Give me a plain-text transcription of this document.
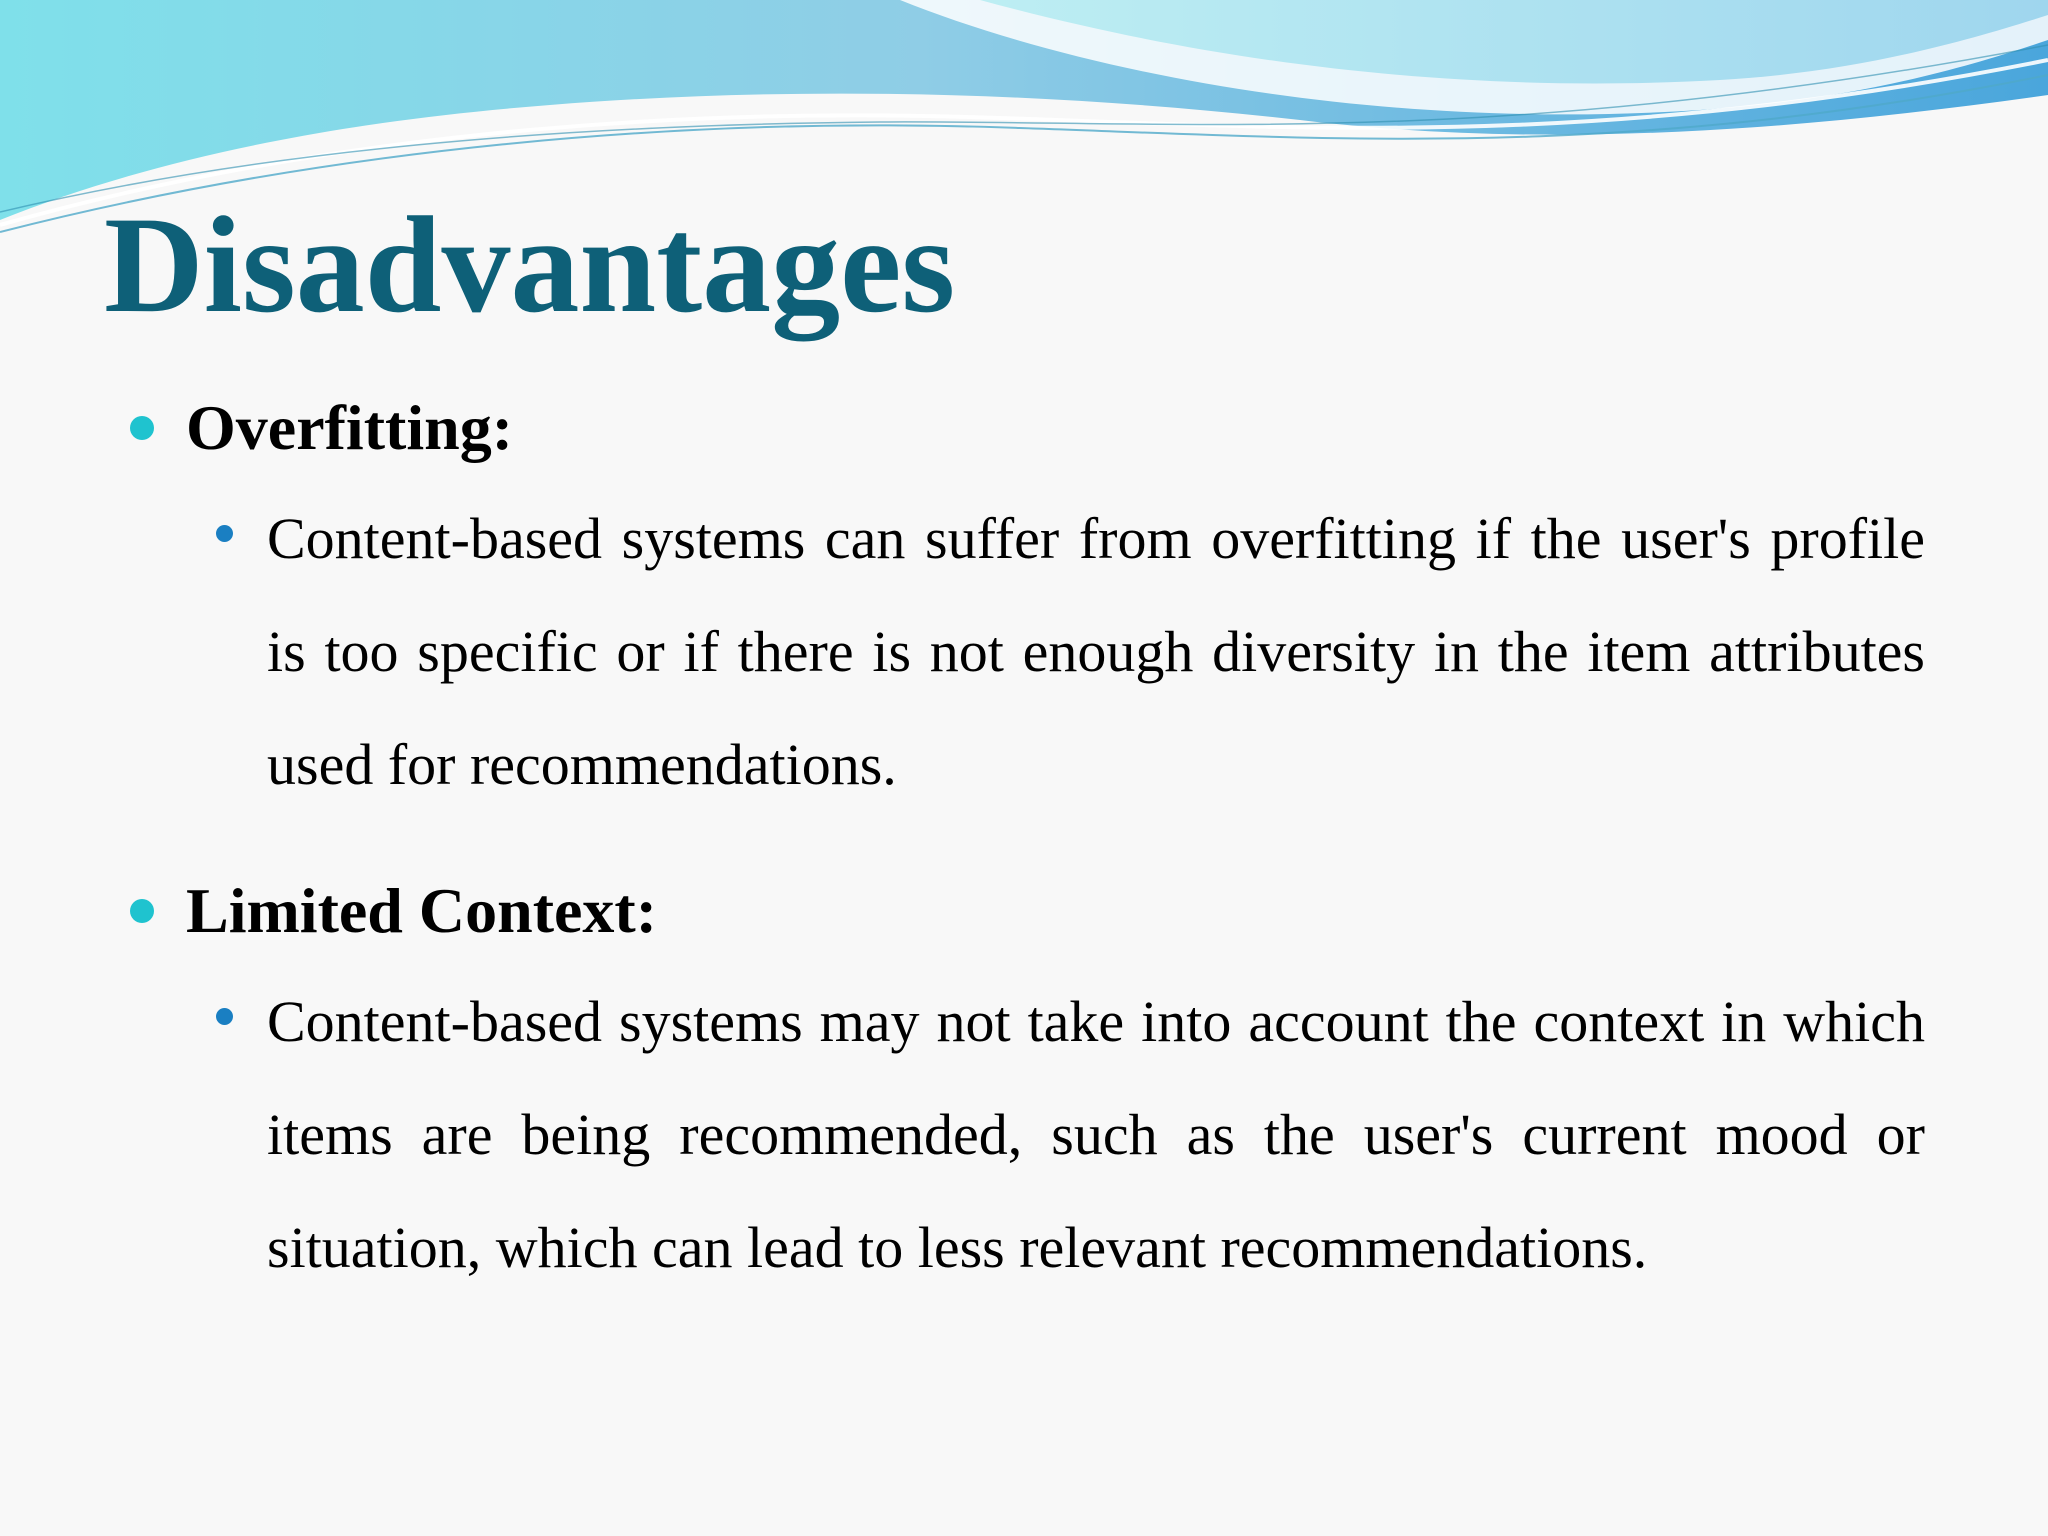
Disadvantages
Overfitting:

Content-based systems can suffer from overfitting if the user's profile is too specific or if there is not enough diversity in the item attributes used for recommendations.

Limited Context:

Content-based systems may not take into account the context in which items are being recommended, such as the user's current mood or situation, which can lead to less relevant recommendations.
